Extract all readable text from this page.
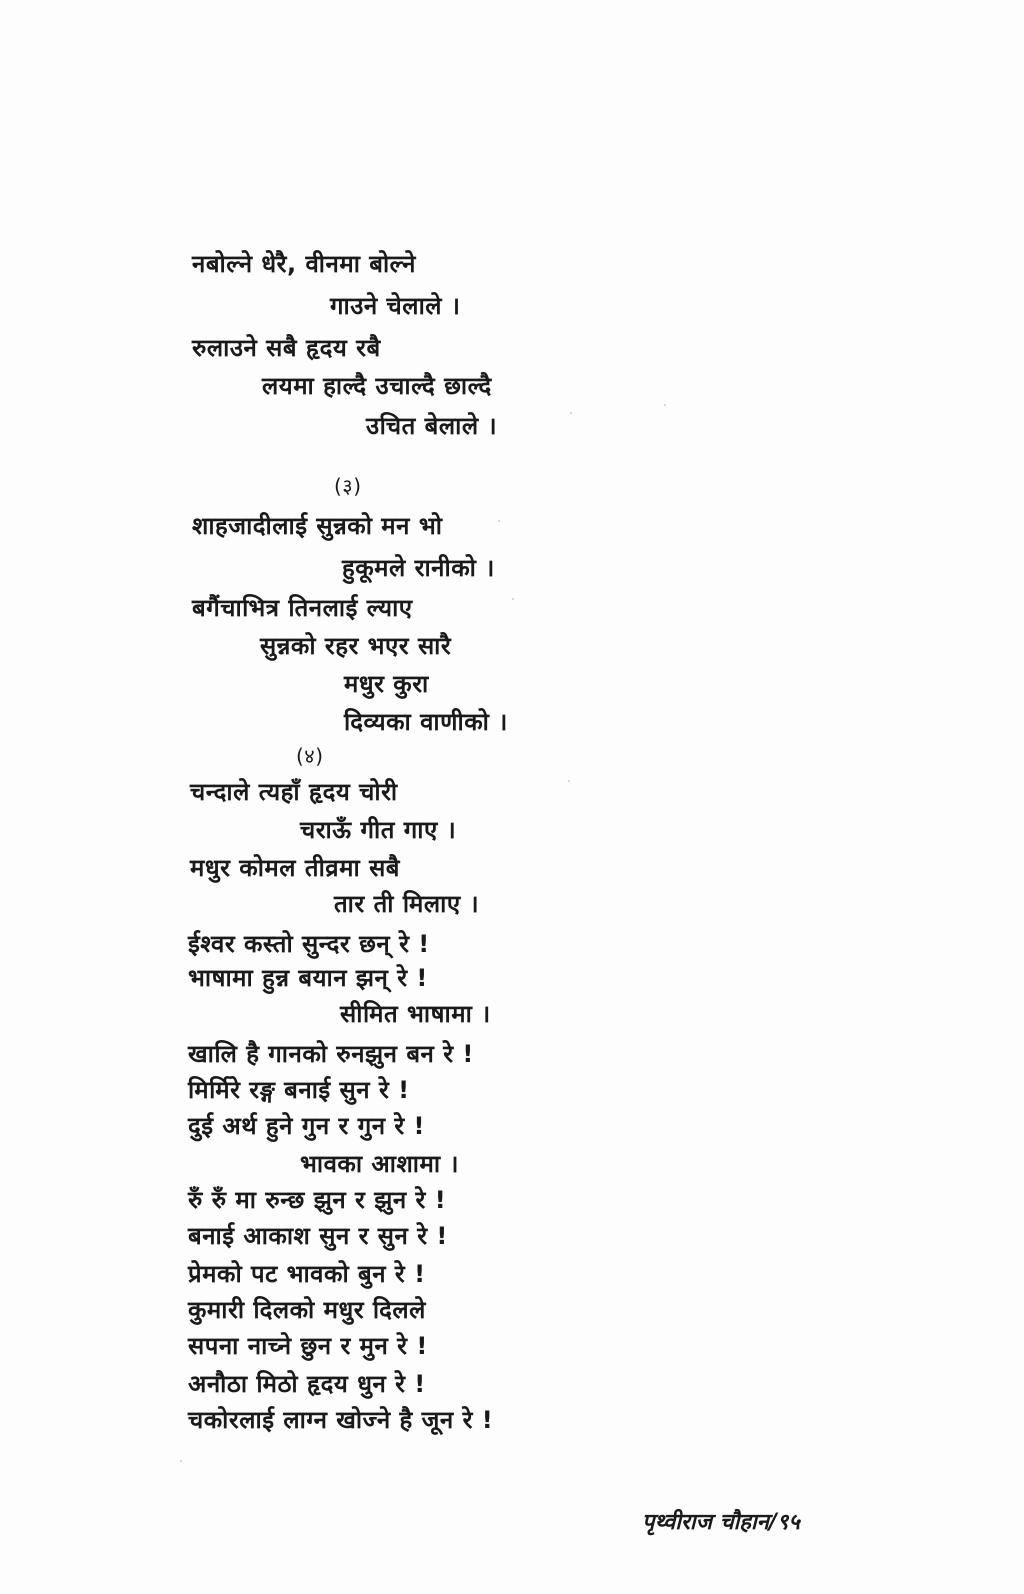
नबोल्ने धेरै, वीनमा बोल्ने
गाउने चेलाले ।
रुलाउने सबै हृदय रबै
लयमा हाल्दै उचाल्दै छाल्दै
उचित बेलाले ।
(३)
शाहजादीलाई सुन्नको मन भो
हुकूमले रानीको ।
बगैंचाभित्र तिनलाई ल्याए
सुन्नको रहर भएर सारै
मधुर कुरा
दिव्यका वाणीको ।
(४)
चन्दाले त्यहाँ हृदय चोरी
चराऊँ गीत गाए ।
मधुर कोमल तीव्रमा सबै
तार ती मिलाए ।
ईश्वर कस्तो सुन्दर छन् रे !
भाषामा हुन्न बयान झन् रे !
सीमित भाषामा ।
खालि है गानको रुनझुन बन रे !
मिर्मिरे रङ्ग बनाई सुन रे !
दुई अर्थ हुने गुन र गुन रे !
भावका आशामा ।
रुँ रुँ मा रुन्छ झुन र झुन रे !
बनाई आकाश सुन र सुन रे !
प्रेमको पट भावको बुन रे !
कुमारी दिलको मधुर दिलले
सपना नाच्ने छुन र मुन रे !
अनौठा मिठो हृदय धुन रे !
चकोरलाई लाग्न खोज्ने है जून रे !
पृथ्वीराज चौहान/९५
